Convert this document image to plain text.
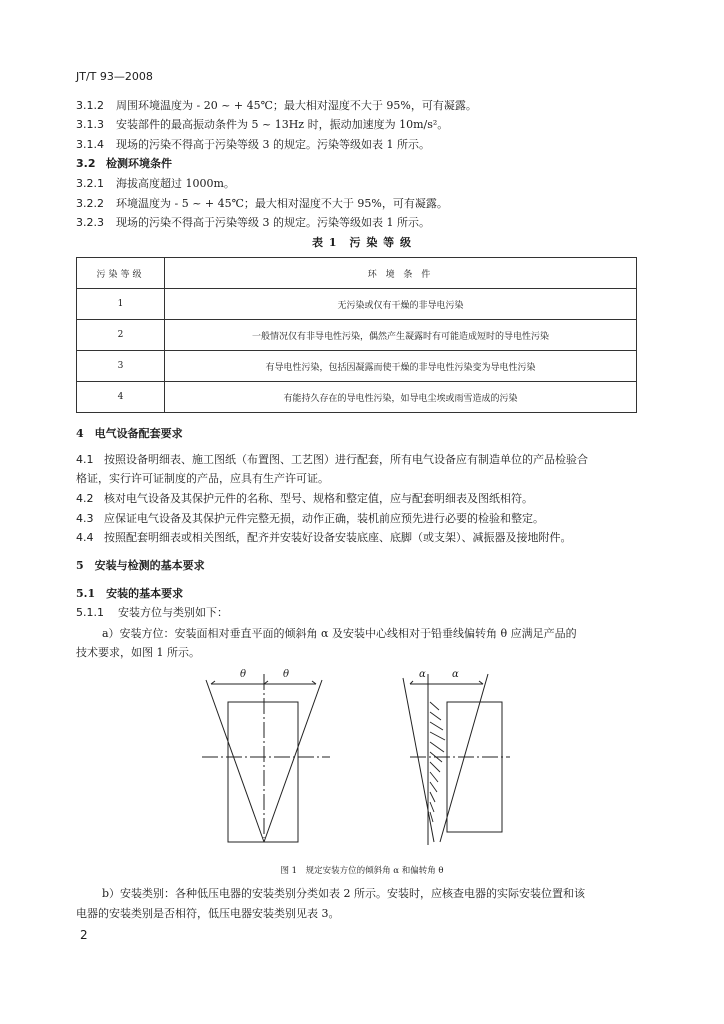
JT/T 93—2008
3.1.2 周围环境温度为 - 20 ~ + 45℃；最大相对湿度不大于 95%，可有凝露。
3.1.3 安装部件的最高振动条件为 5 ~ 13Hz 时，振动加速度为 10m/s²。
3.1.4 现场的污染不得高于污染等级 3 的规定。污染等级如表 1 所示。
3.2 检测环境条件
3.2.1 海拔高度超过 1000m。
3.2.2 环境温度为 - 5 ~ + 45℃；最大相对湿度不大于 95%，可有凝露。
3.2.3 现场的污染不得高于污染等级 3 的规定。污染等级如表 1 所示。
表 1　污 染 等 级
污染等级	环 境 条 件
1	无污染或仅有干燥的非导电污染
2	一般情况仅有非导电性污染，偶然产生凝露时有可能造成短时的导电性污染
3	有导电性污染，包括因凝露而使干燥的非导电性污染变为导电性污染
4	有能持久存在的导电性污染，如导电尘埃或雨雪造成的污染
4　电气设备配套要求
4.1 按照设备明细表、施工图纸（布置图、工艺图）进行配套，所有电气设备应有制造单位的产品检验合
格证，实行许可证制度的产品，应具有生产许可证。
4.2 核对电气设备及其保护元件的名称、型号、规格和整定值，应与配套明细表及图纸相符。
4.3 应保证电气设备及其保护元件完整无损，动作正确，装机前应预先进行必要的检验和整定。
4.4 按照配套明细表或相关图纸，配齐并安装好设备安装底座、底脚（或支架）、减振器及接地附件。
5　安装与检测的基本要求
5.1　安装的基本要求
5.1.1 安装方位与类别如下：
a）安装方位：安装面相对垂直平面的倾斜角 α 及安装中心线相对于铅垂线偏转角 θ 应满足产品的
技术要求，如图 1 所示。
θ	θ	α	α
图 1　规定安装方位的倾斜角 α 和偏转角 θ
b）安装类别：各种低压电器的安装类别分类如表 2 所示。安装时，应核查电器的实际安装位置和该
电器的安装类别是否相符，低压电器安装类别见表 3。
2
